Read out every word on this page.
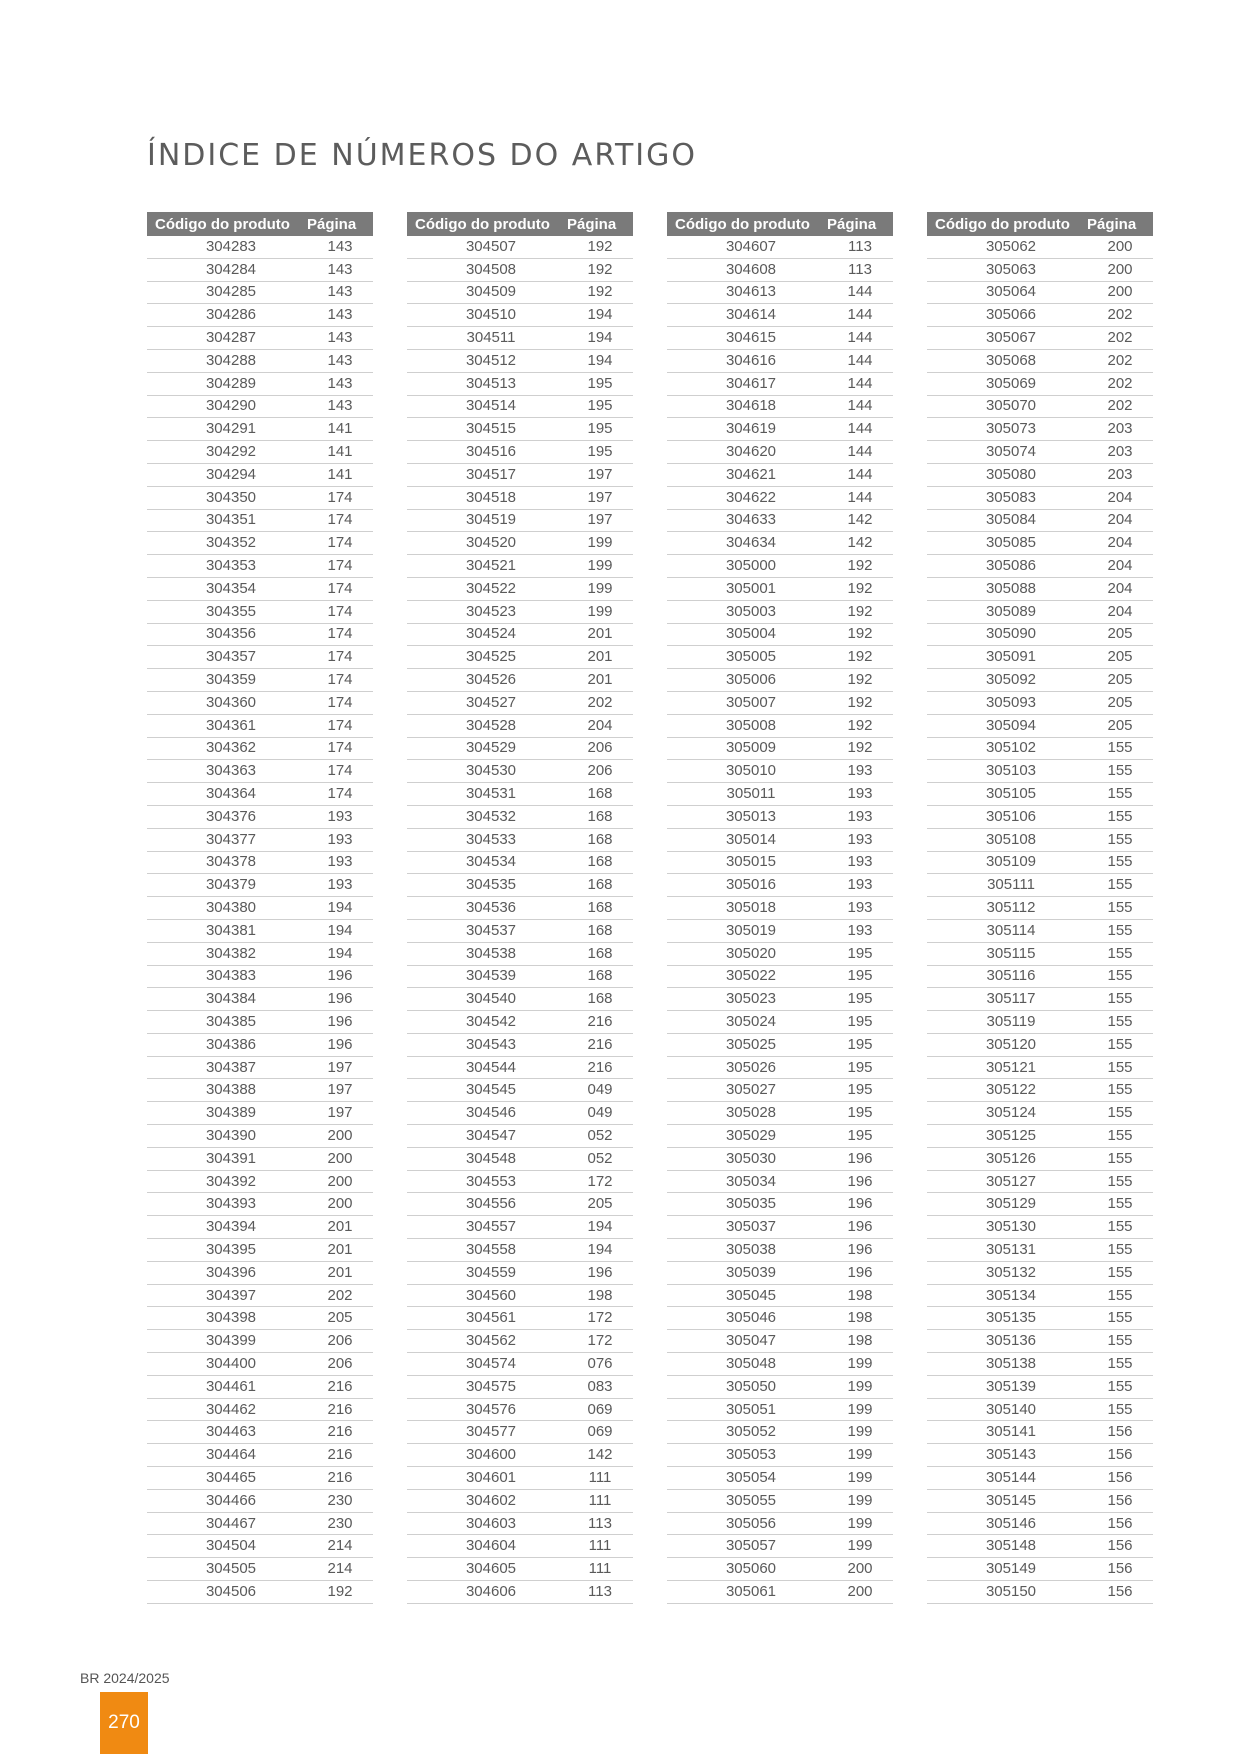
ÍNDICE DE NÚMEROS DO ARTIGO
Código do produto	Página
304283	143
304284	143
304285	143
304286	143
304287	143
304288	143
304289	143
304290	143
304291	141
304292	141
304294	141
304350	174
304351	174
304352	174
304353	174
304354	174
304355	174
304356	174
304357	174
304359	174
304360	174
304361	174
304362	174
304363	174
304364	174
304376	193
304377	193
304378	193
304379	193
304380	194
304381	194
304382	194
304383	196
304384	196
304385	196
304386	196
304387	197
304388	197
304389	197
304390	200
304391	200
304392	200
304393	200
304394	201
304395	201
304396	201
304397	202
304398	205
304399	206
304400	206
304461	216
304462	216
304463	216
304464	216
304465	216
304466	230
304467	230
304504	214
304505	214
304506	192
Código do produto	Página
304507	192
304508	192
304509	192
304510	194
304511	194
304512	194
304513	195
304514	195
304515	195
304516	195
304517	197
304518	197
304519	197
304520	199
304521	199
304522	199
304523	199
304524	201
304525	201
304526	201
304527	202
304528	204
304529	206
304530	206
304531	168
304532	168
304533	168
304534	168
304535	168
304536	168
304537	168
304538	168
304539	168
304540	168
304542	216
304543	216
304544	216
304545	049
304546	049
304547	052
304548	052
304553	172
304556	205
304557	194
304558	194
304559	196
304560	198
304561	172
304562	172
304574	076
304575	083
304576	069
304577	069
304600	142
304601	111
304602	111
304603	113
304604	111
304605	111
304606	113
Código do produto	Página
304607	113
304608	113
304613	144
304614	144
304615	144
304616	144
304617	144
304618	144
304619	144
304620	144
304621	144
304622	144
304633	142
304634	142
305000	192
305001	192
305003	192
305004	192
305005	192
305006	192
305007	192
305008	192
305009	192
305010	193
305011	193
305013	193
305014	193
305015	193
305016	193
305018	193
305019	193
305020	195
305022	195
305023	195
305024	195
305025	195
305026	195
305027	195
305028	195
305029	195
305030	196
305034	196
305035	196
305037	196
305038	196
305039	196
305045	198
305046	198
305047	198
305048	199
305050	199
305051	199
305052	199
305053	199
305054	199
305055	199
305056	199
305057	199
305060	200
305061	200
Código do produto	Página
305062	200
305063	200
305064	200
305066	202
305067	202
305068	202
305069	202
305070	202
305073	203
305074	203
305080	203
305083	204
305084	204
305085	204
305086	204
305088	204
305089	204
305090	205
305091	205
305092	205
305093	205
305094	205
305102	155
305103	155
305105	155
305106	155
305108	155
305109	155
305111	155
305112	155
305114	155
305115	155
305116	155
305117	155
305119	155
305120	155
305121	155
305122	155
305124	155
305125	155
305126	155
305127	155
305129	155
305130	155
305131	155
305132	155
305134	155
305135	155
305136	155
305138	155
305139	155
305140	155
305141	156
305143	156
305144	156
305145	156
305146	156
305148	156
305149	156
305150	156
BR 2024/2025
270
